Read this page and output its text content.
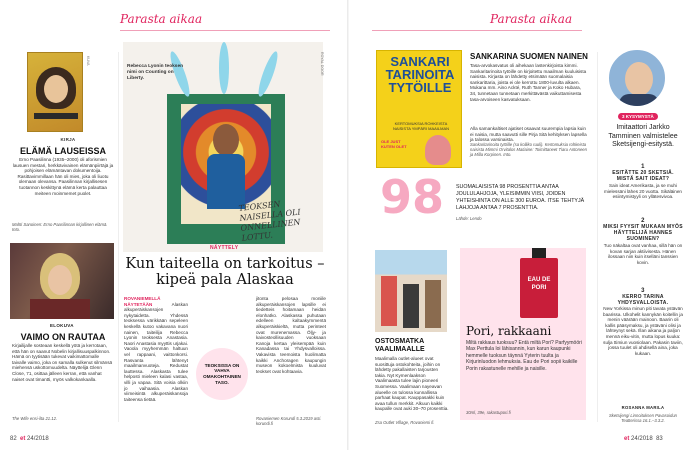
Parasta aikaa
KUVA
KIRJA
ELÄMÄ LAUSEISSA
Erno Paasilinna (1935–2000) oli aforismien lausuen mestari, herkkävivainen elämänpiirtäjä ja pohjoisen elämäntavan dokumentoija. Rasittavimmillaan hän oli mies, joka oli liuotu olemaan olevansa. Paasilinnan kirjallisesen tuotannon keskittynä elämä kerta palauttaa meiteen moinmemet puolet.
Mahti Sanoinen: Erno Paasilinnan kirjallinen elämä. Into.
ELOKUVA
VAIMO ON RAUTAA
Kirjailijalle sosteaan keskellä yötä ja kerrotaan, että hän on saanut Nobelin kirjallisuuspalkinnon. Hämä on tyytisään tukevat vaikimattomalle taivalle vaimo, joka on samalla sulkenut silmänsä miehensä uskottomuudelta. Näyttelijä Glenn Close, 71, osittaa jälleen kerran, että vanhat naiset ovat timantti, myös valkokankaalla.
The Wife ensi-ilta 21.12.
Rebecca Lyonin teoksen nimi on Counting on Liberty.
ROYAL DOOR
TEOKSEN NAISELLA OLI ONNELLINEN LOTTU.
NÄYTTELY
Kun taiteella on tarkoitus – kipeä pala Alaskaa
ROVANIEMELLÄ NÄYTETÄÄN	Alaskan alkuperäiskansojen nykytaidetta. Yhdessä teoksessa värikkään sepeleen keskellä kutoo vakavana nuori nainen, taiteilija Rebecca Lyonin teoksesta Anastasia. Naori Anastasia myyttis urjakai. Vaoola myyhemmän haltuun vel rappaani, vaittonkorsi. Rasvanta lähtenyt maailmanvuoteja. Redustat lauttessa. Alaskasta tulee helposti mieleen kalasi vastaa, villi ja vapaa. Sitä voisia olkiin jo vaihaasia. Alaskan viimeisintä alkuperäiskansoja taiteensa tietää.
TEOKSISSA ON VAHVA OMAKOHTAINEN TASO.
jitonta pelosaa moniile alkuperäiskansojen lapsille ei tiedetteis hoitamaan heidän elonhatko. Alaskassa puhutaan edelleen kaltaakymmentä alkuperäiskieltä, mutta perinteet ovat murenemassa. Öljy- ja kaivosteollisuuden vuoksaan Kanoja kertaa yleisempää kuin Kanadassa tai Yhdysvalloissa. Vakavista teemoista huolimatta kaikki Anchoragen kaupungin museon kokoelmista kuuluvat teokset ovat kohtaavia.
Rovaniemen Korundi 5.3.2019 asti. korundi.fi
82 et 24/2018
Parasta aikaa
SANKARI TARINOITA TYTÖILLE
KERTOMUKSIA ROHKEISTA NAISISTA YMPÄRI MAAILMAN
OLE JUST KUTEN OLET
SANKARINA SUOMEN NAINEN
Tasa-arvokasvatus oli aihekaan lastenkirjoista kimmi. Sankaritarinoita tytöille on kirjoitettu maailman kuuluisista naisista. Kirjasta on lähdetty etsimään suomalaisia sankarittaria, joista ei ole kerrottu 1800-luvulta alkaen. Mukana mm. Aino Ackté, Ruth Tanner ja Koko Hubara, 34, tunnetaan tunnetaan merkittävästä vaikuttamisesta tasa-arvoiseen kasvatuksaan.
Alla samankaltiset ajatiset osaavat suurempia lapsia kuin ei naisia, mutta saavutti sille Pirja Sitä kehityksen lapsella ja talossa varsinaista.
Sankaritarinoita tytöille (sa kolliko ruuli). Kertomuksia rohkeista naisista Mimmi Orvitalos Matiaine: Toimittaneet Tiaru Antoneen ja Milla Korpinen. Into.
98 SUOMALAISISTA 98 PROSENTTIA ANTAA JOULULAHJOJA, YLEISIMMIN VIISI, JOIDEN YHTEISHINTA ON ALLE 300 EUROA. ITSE TEHTYJÄ LAHJOJA ANTAA 7 PROSENTTIA.
Lähde: Lendo
OSTOSMATKA VAALIMAALLE
Maalimalla outlet-alueet ovat suosittuja ostokohteita, joihin on lähdetty pakallaisten tarjousten takia. Nyt Kymenlaakson Vaalimaasta tulee lajin pioneeri Suomessa. Vaalimaan nayeavan alueelle on tulossa kunnallissa parhaat kaupat. Kauppasakki kuin avaa tullun merkkit. Alkuun kaikki kaupalle ovat auki 30–70 prosenttia.
Zsa Outlet Village, Rovaniemi fi.
EAU DE PORI
Pori, rakkaani
Miltä rakkaus tuoksuu? Entä miltä Pori? Parfyymööri Max Perttula loi lähisannin, kun karun kaupunki hemmelle tuoksun täynnä Yyterin tuulta ja Kirjurinluodon lehmuksia. Eau de Pori sopii kaikille Porin rakastunelle mehille ja naisille.
30ml, 39e, rakastupori.fi
3 KYSYMYSTÄ
Imitaattori Jarkko Tamminen valmistelee Sketsijengi-esitystä.
1
ESITÄTTE 20 SKETSIÄ. MISTÄ SAIT IDEAT?
Sain ideat Amerikasta, ja se muhi mielessäni lähes 20 vuotta. Sikäläinen esiintymistyyli on yllätesvivoa.
2
MIKSI FYYSIT MUKAAN MYÖS HÄYTTELIJÄ HANNES SUOMINEN?
Tuo näkaltaa ovat vanhaa, sillä hän on kovan sarjan aktiivisesta. Hänen ilossaan niin kuin itselläni tanssien kovin.
3
KERRO TARINA YHDYSVALLOISTA.
New Yorkissa minun piti tavata ystävän baarissa. Ulkohelit kannykän koitellin ja menin väärään mainoon. Baarin oli kallis pääsymaksu, ja ystäväni olisi ja lähteynyt sekä. Illan aikana ja paljon mennä eiku-vitin, mutta lopus kuuka: sulja ttimiun vuosiolaan. Pakasin taviin, jossa tuulet oli ahdisellä aina, joka kukaan.
ROSANNA MARILA
Sketsijengi Linnoituksen Pavasoidun Teatterissa 16.1.–3.3.2.
et 24/2018 83
